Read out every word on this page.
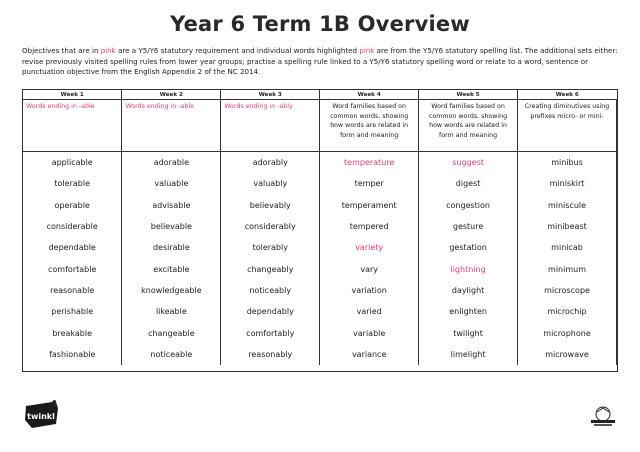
Year 6 Term 1B Overview
Objectives that are in pink are a Y5/Y6 statutory requirement and individual words highlighted pink are from the Y5/Y6 statutory spelling list. The additional sets either: revise previously visited spelling rules from lower year groups; practise a spelling rule linked to a Y5/Y6 statutory spelling word or relate to a word, sentence or punctuation objective from the English Appendix 2 of the NC 2014.
Week 1	Week 2	Week 3	Week 4	Week 5	Week 6
Words ending in -able	Words ending in -able	Words ending in -ably	Word families based on common words, showing how words are related in form and meaning	Word families based on common words, showing how words are related in form and meaning	Creating diminutives using prefixes micro- or mini-
applicable	adorable	adorably	temperature	suggest	minibus
tolerable	valuable	valuably	temper	digest	miniskirt
operable	advisable	believably	temperament	congestion	miniscule
considerable	believable	considerably	tempered	gesture	minibeast
dependable	desirable	tolerably	variety	gestation	minicab
comfortable	excitable	changeably	vary	lightning	minimum
reasonable	knowledgeable	noticeably	variation	daylight	microscope
perishable	likeable	dependably	varied	enlighten	microchip
breakable	changeable	comfortably	variable	twilight	microphone
fashionable	noticeable	reasonably	variance	limelight	microwave
twinkl
